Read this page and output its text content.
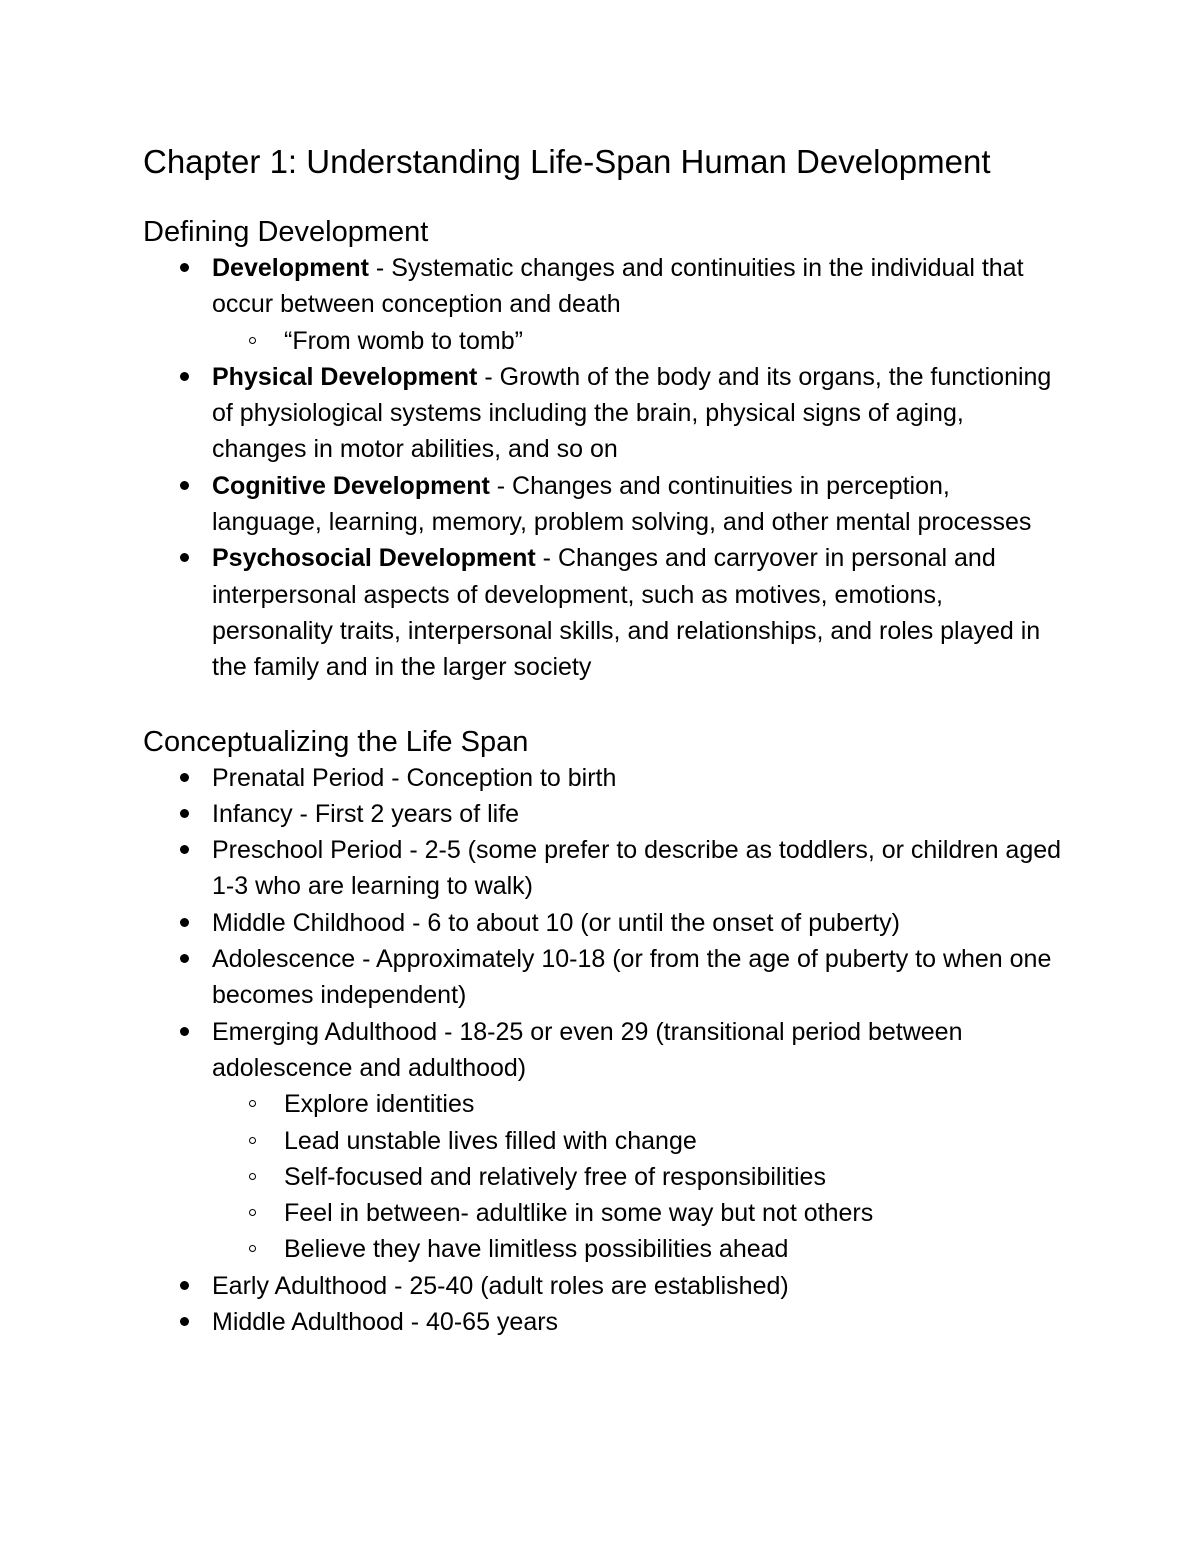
Chapter 1: Understanding Life-Span Human Development
Defining Development
Development - Systematic changes and continuities in the individual that occur between conception and death
“From womb to tomb”
Physical Development - Growth of the body and its organs, the functioning of physiological systems including the brain, physical signs of aging, changes in motor abilities, and so on
Cognitive Development - Changes and continuities in perception, language, learning, memory, problem solving, and other mental processes
Psychosocial Development - Changes and carryover in personal and interpersonal aspects of development, such as motives, emotions, personality traits, interpersonal skills, and relationships, and roles played in the family and in the larger society
Conceptualizing the Life Span
Prenatal Period - Conception to birth
Infancy - First 2 years of life
Preschool Period - 2-5 (some prefer to describe as toddlers, or children aged 1-3 who are learning to walk)
Middle Childhood - 6 to about 10 (or until the onset of puberty)
Adolescence - Approximately 10-18 (or from the age of puberty to when one becomes independent)
Emerging Adulthood - 18-25 or even 29 (transitional period between adolescence and adulthood)
Explore identities
Lead unstable lives filled with change
Self-focused and relatively free of responsibilities
Feel in between- adultlike in some way but not others
Believe they have limitless possibilities ahead
Early Adulthood - 25-40 (adult roles are established)
Middle Adulthood - 40-65 years
